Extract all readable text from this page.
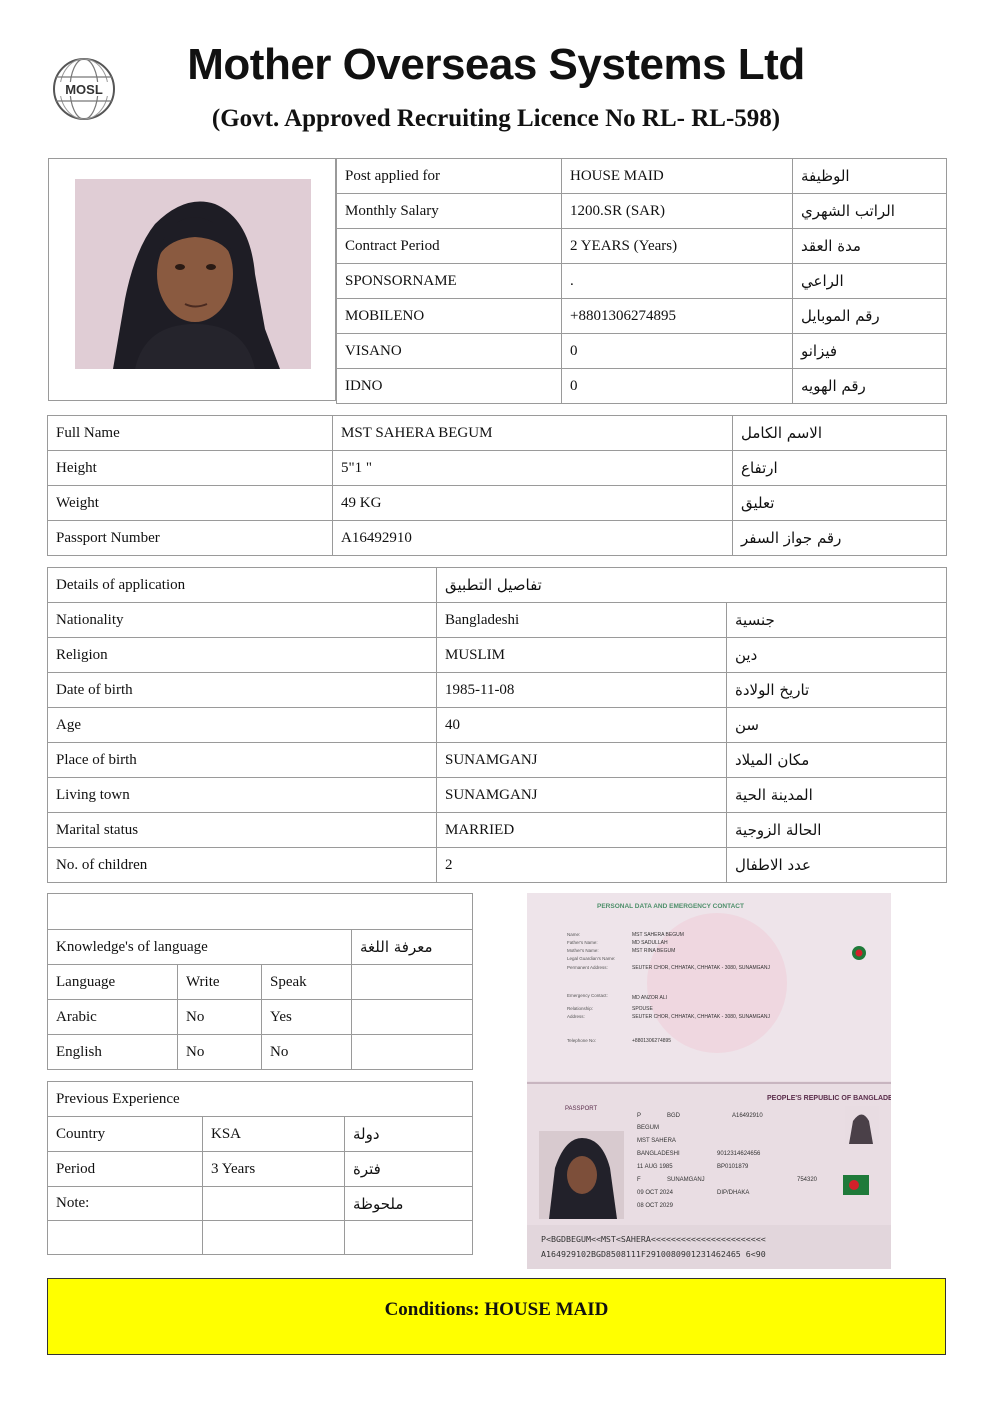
MOSL
Mother Overseas Systems Ltd
(Govt. Approved Recruiting Licence No RL- RL-598)
Post applied for	HOUSE MAID	الوظيفة
Monthly Salary	1200.SR (SAR)	الراتب الشهري
Contract Period	2 YEARS (Years)	مدة العقد
SPONSORNAME	.	الراعي
MOBILENO	+8801306274895	رقم الموبايل
VISANO	0	فيزانو
IDNO	0	رقم الهويه
Full Name	MST SAHERA BEGUM	الاسم الكامل
Height	5"1 "	ارتفاع
Weight	49 KG	تعليق
Passport Number	A16492910	رقم جواز السفر
Details of application	تفاصيل التطبيق	
Nationality	Bangladeshi	جنسية
Religion	MUSLIM	دين
Date of birth	1985-11-08	تاريخ الولادة
Age	40	سن
Place of birth	SUNAMGANJ	مكان الميلاد
Living town	SUNAMGANJ	المدينة الحية
Marital status	MARRIED	الحالة الزوجية
No. of children	2	عدد الاطفال

Knowledge's of language			معرفة اللغة
Language	Write	Speak	
Arabic	No	Yes	
English	No	No	
Previous Experience		
Country	KSA	دولة
Period	3 Years	فترة
Note:		ملحوظة

PERSONAL DATA AND EMERGENCY CONTACT
Name:	MST SAHERA BEGUM
Father's Name:	MD SADULLAH
Mother's Name:	MST RINA BEGUM
Legal Guardian's Name:
Permanent Address:	SEUTER CHOR, CHHATAK, CHHATAK - 3080, SUNAMGANJ
Emergency Contact:	MD ANZOR ALI
Relationship:	SPOUSE
Address:	SEUTER CHOR, CHHATAK, CHHATAK - 3080, SUNAMGANJ
Telephone No:	+8801306274895
PEOPLE'S REPUBLIC OF BANGLADESH
PASSPORT
P	BGD	A16492910
BEGUM
MST SAHERA
BANGLADESHI	9012314624656
11 AUG 1985	BP0101879
F	SUNAMGANJ	754320
09 OCT 2024	DIP/DHAKA
08 OCT 2029
P<BGDBEGUM<<MST<SAHERA<<<<<<<<<<<<<<<<<<<<<<<
A164929102BGD8508111F2910080901231462465 6<90
Conditions: HOUSE MAID
